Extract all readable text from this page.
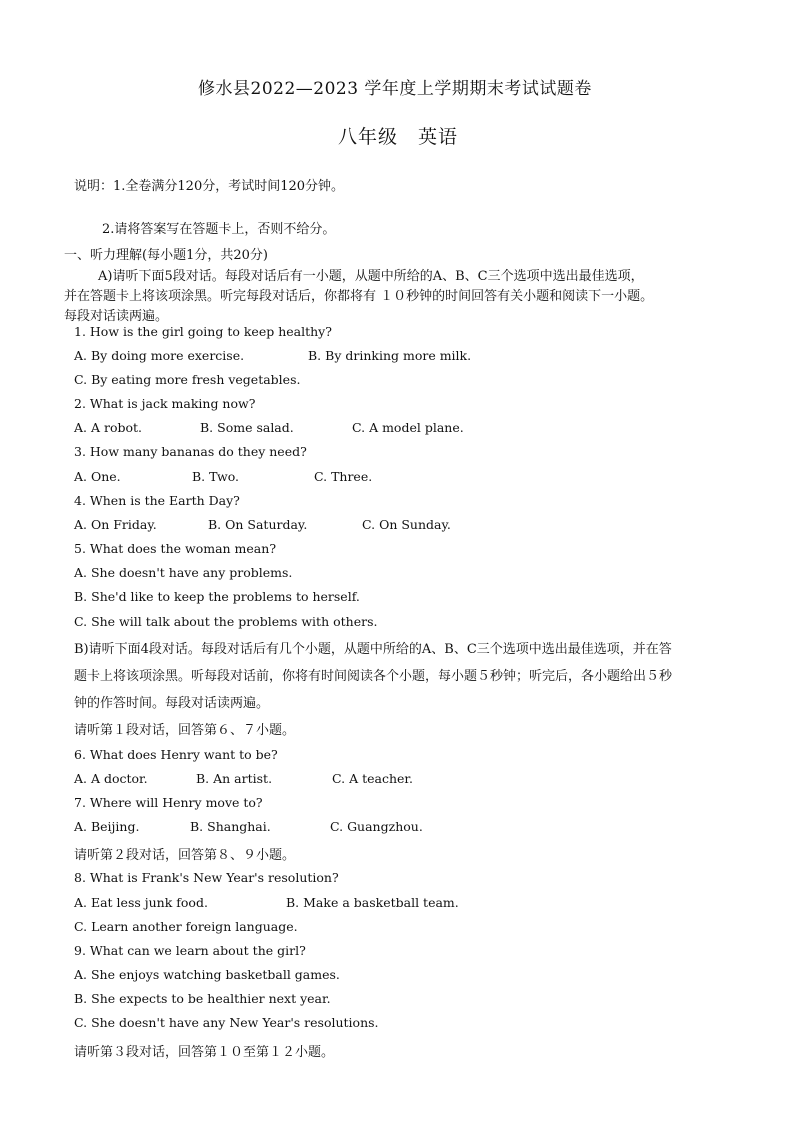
修水县2022—2023 学年度上学期期末考试试题卷
八年级　英语
说明：1.全卷满分120分，考试时间120分钟。
2.请将答案写在答题卡上，否则不给分。
一、听力理解(每小题1分，共20分)
A)请听下面5段对话。每段对话后有一小题，从题中所给的A、B、C三个选项中选出最佳选项，
并在答题卡上将该项涂黑。听完每段对话后，你都将有 １０秒钟的时间回答有关小题和阅读下一小题。
每段对话读两遍。
1. How is the girl going to keep healthy?
A. By doing more exercise.	B. By drinking more milk.
C. By eating more fresh vegetables.
2. What is jack making now?
A. A robot.	B. Some salad.	C. A model plane.
3. How many bananas do they need?
A. One.	B. Two.	C. Three.
4. When is the Earth Day?
A. On Friday.	B. On Saturday.	C. On Sunday.
5. What does the woman mean?
A. She doesn't have any problems.
B. She'd like to keep the problems to herself.
C. She will talk about the problems with others.
B)请听下面4段对话。每段对话后有几个小题，从题中所给的A、B、C三个选项中选出最佳选项，并在答
题卡上将该项涂黑。听每段对话前，你将有时间阅读各个小题，每小题５秒钟；听完后，各小题给出５秒
钟的作答时间。每段对话读两遍。
请听第１段对话，回答第６、７小题。
6. What does Henry want to be?
A. A doctor.	B. An artist.	C. A teacher.
7. Where will Henry move to?
A. Beijing.	B. Shanghai.	C. Guangzhou.
请听第２段对话，回答第８、９小题。
8. What is Frank's New Year's resolution?
A. Eat less junk food.	B. Make a basketball team.
C. Learn another foreign language.
9. What can we learn about the girl?
A. She enjoys watching basketball games.
B. She expects to be healthier next year.
C. She doesn't have any New Year's resolutions.
请听第３段对话，回答第１０至第１２小题。
